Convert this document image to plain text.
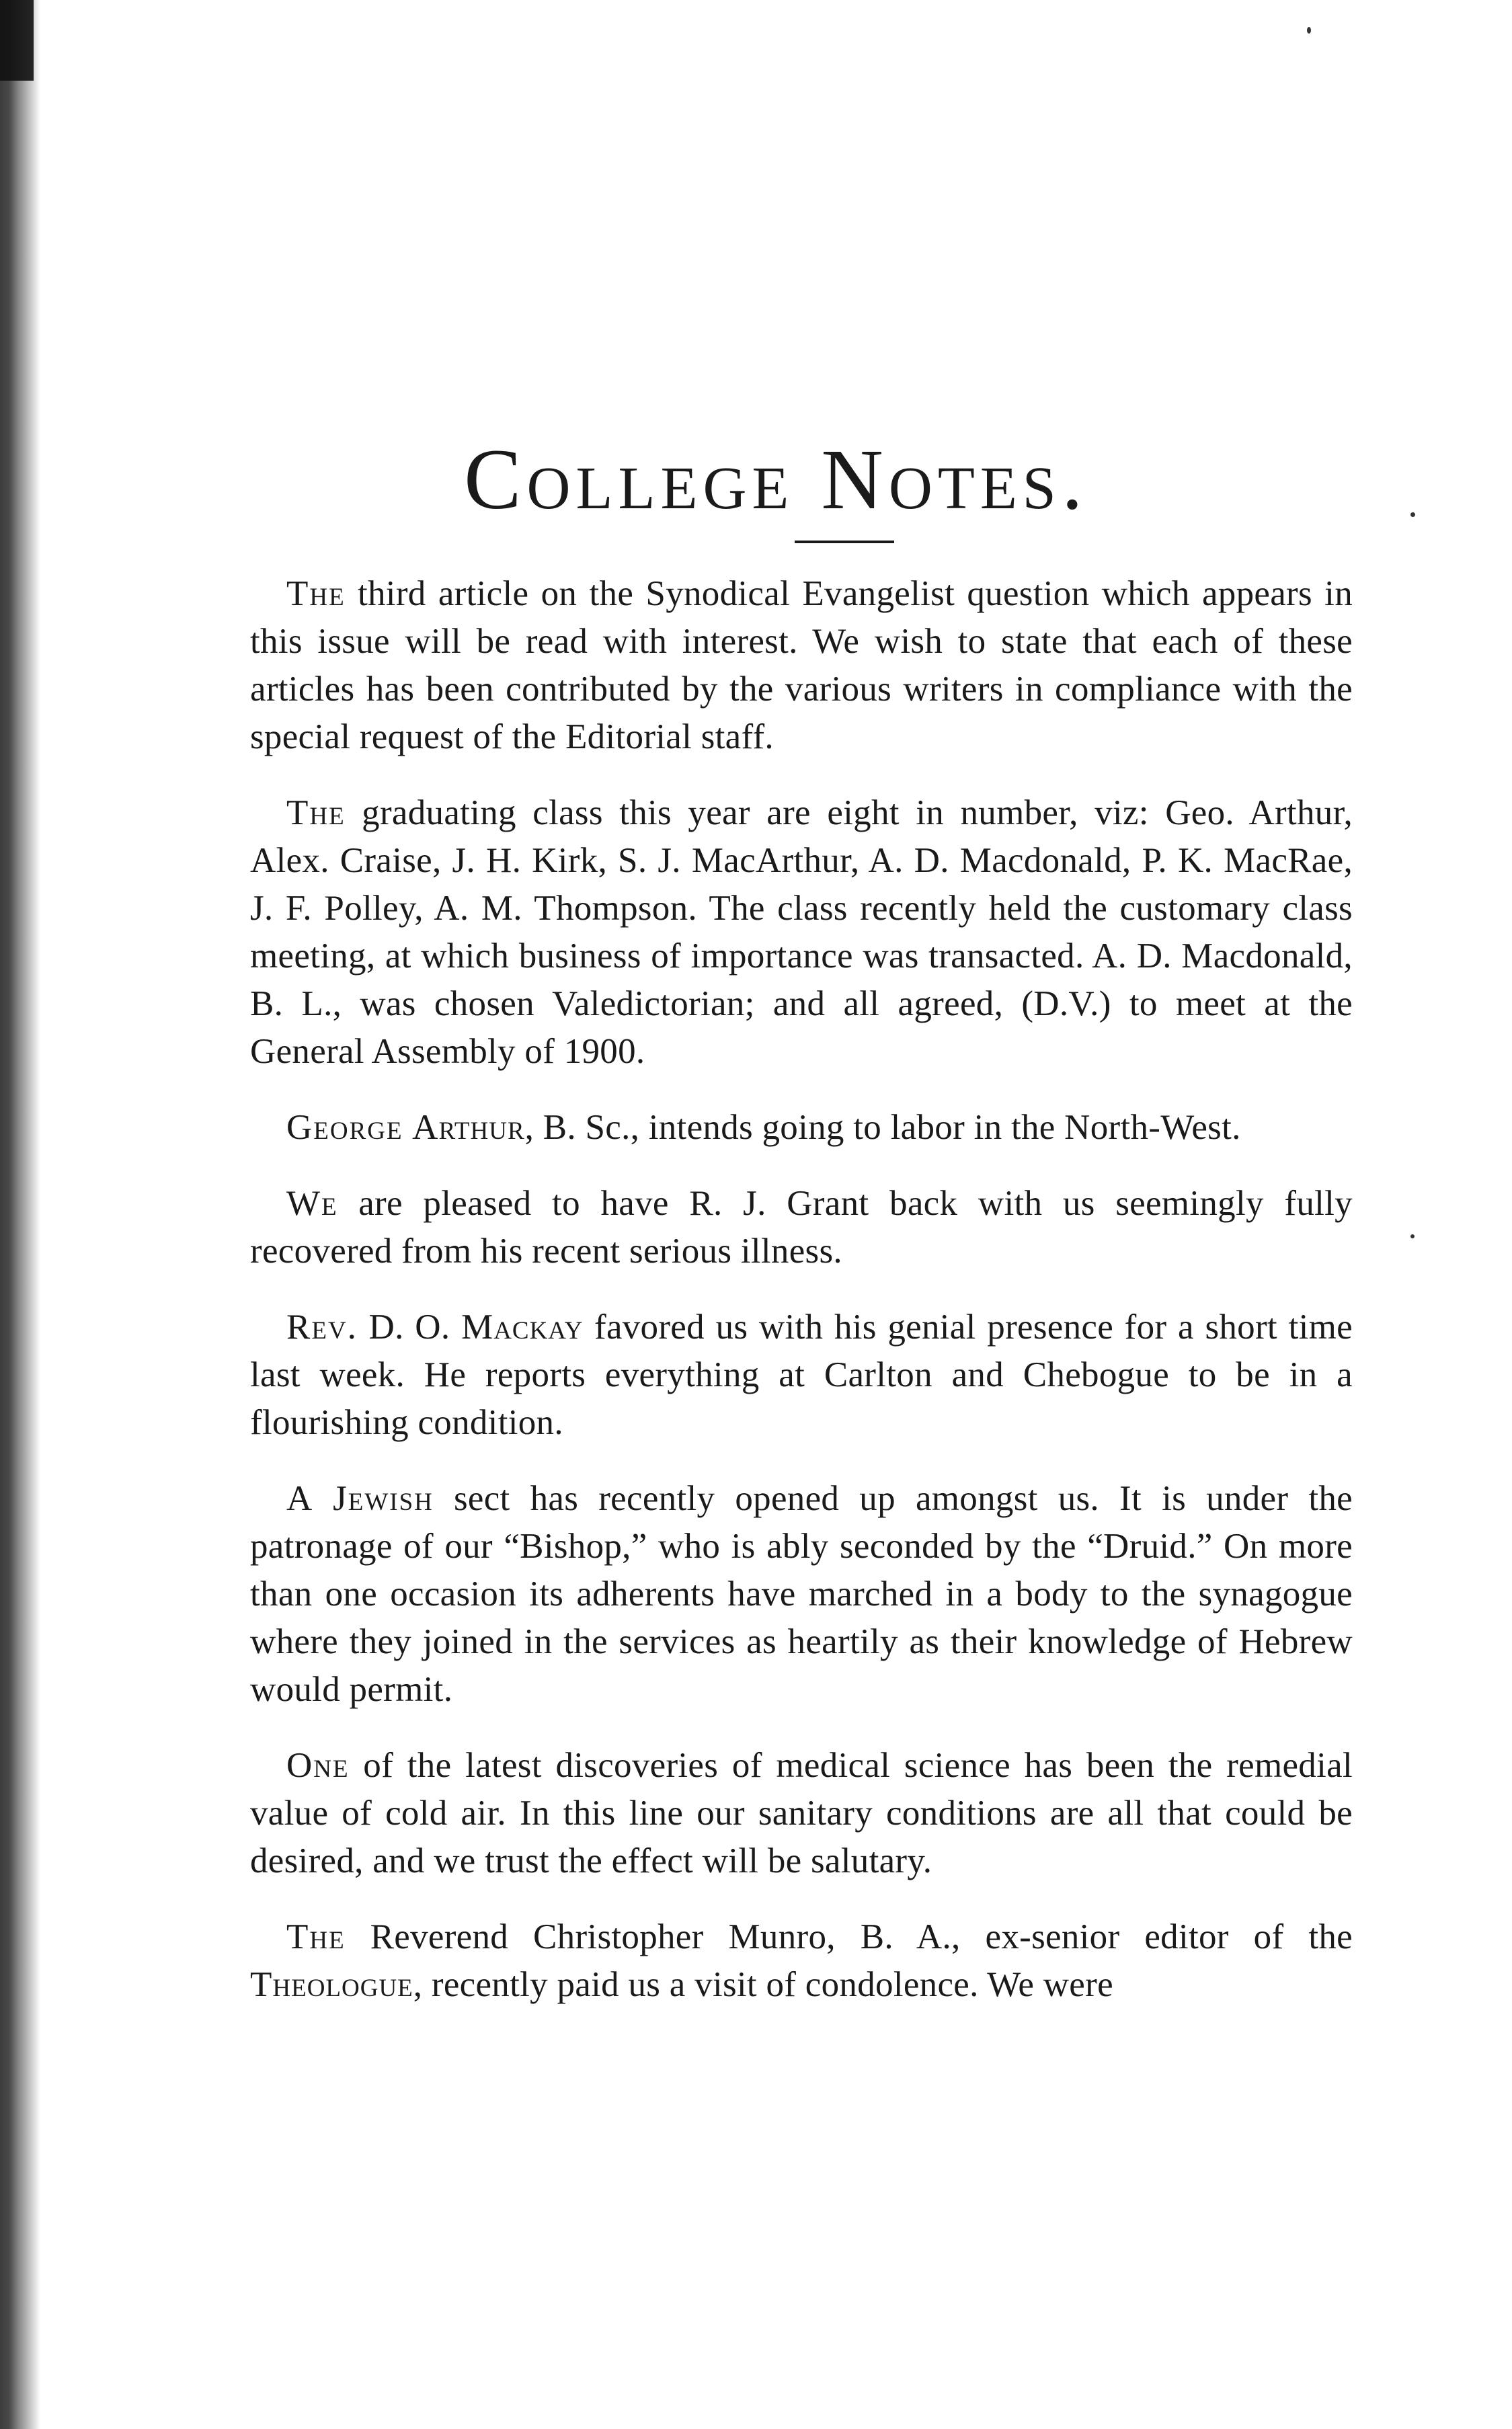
College Notes.

The third article on the Synodical Evangelist question which appears in this issue will be read with interest. We wish to state that each of these articles has been contributed by the various writers in compliance with the special request of the Editorial staff.

The graduating class this year are eight in number, viz: Geo. Arthur, Alex. Craise, J. H. Kirk, S. J. MacArthur, A. D. Macdonald, P. K. MacRae, J. F. Polley, A. M. Thompson. The class recently held the customary class meeting, at which business of importance was transacted. A. D. Macdonald, B. L., was chosen Valedictorian; and all agreed, (D.V.) to meet at the General Assembly of 1900.

George Arthur, B. Sc., intends going to labor in the North-West.

We are pleased to have R. J. Grant back with us seemingly fully recovered from his recent serious illness.

Rev. D. O. Mackay favored us with his genial presence for a short time last week. He reports everything at Carlton and Chebogue to be in a flourishing condition.

A Jewish sect has recently opened up amongst us. It is under the patronage of our “Bishop,” who is ably seconded by the “Druid.” On more than one occasion its adherents have marched in a body to the synagogue where they joined in the services as heartily as their knowledge of Hebrew would permit.

One of the latest discoveries of medical science has been the remedial value of cold air. In this line our sanitary conditions are all that could be desired, and we trust the effect will be salutary.

The Reverend Christopher Munro, B. A., ex-senior editor of the Theologue, recently paid us a visit of condolence. We were
